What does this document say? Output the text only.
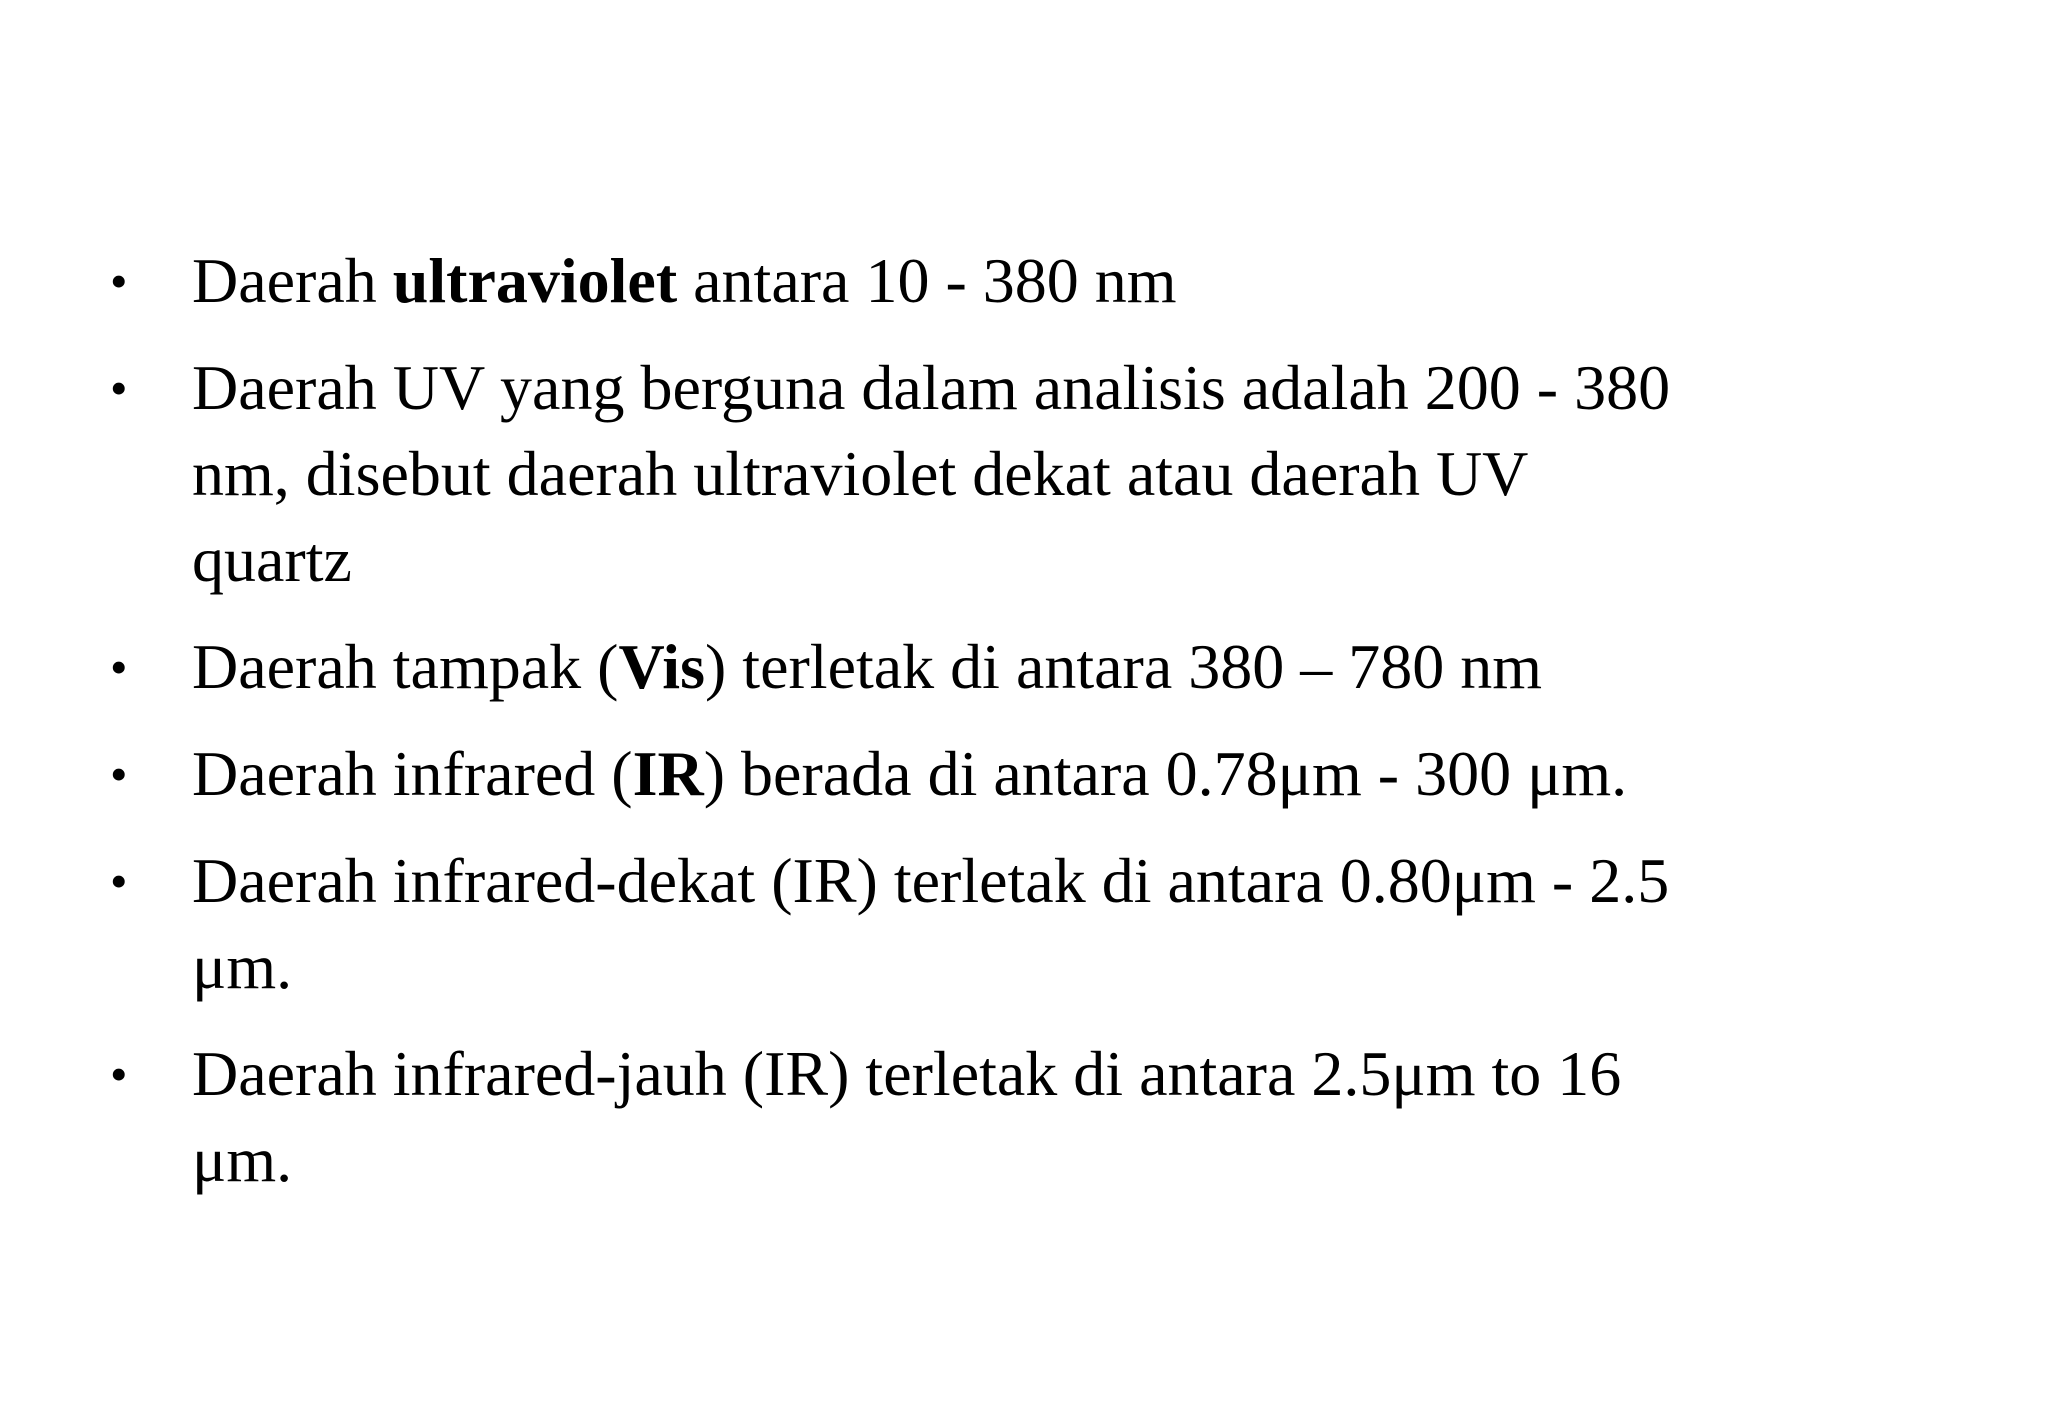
•	Daerah ultraviolet antara 10 - 380 nm
•	Daerah UV yang berguna dalam analisis adalah 200 - 380
nm, disebut daerah ultraviolet dekat atau daerah UV
quartz
•	Daerah tampak (Vis) terletak di antara 380 – 780 nm
•	Daerah infrared (IR) berada di antara 0.78μm - 300 μm.
•	Daerah infrared-dekat (IR) terletak di antara 0.80μm - 2.5
μm.
•	Daerah infrared-jauh (IR) terletak di antara 2.5μm to 16
μm.
